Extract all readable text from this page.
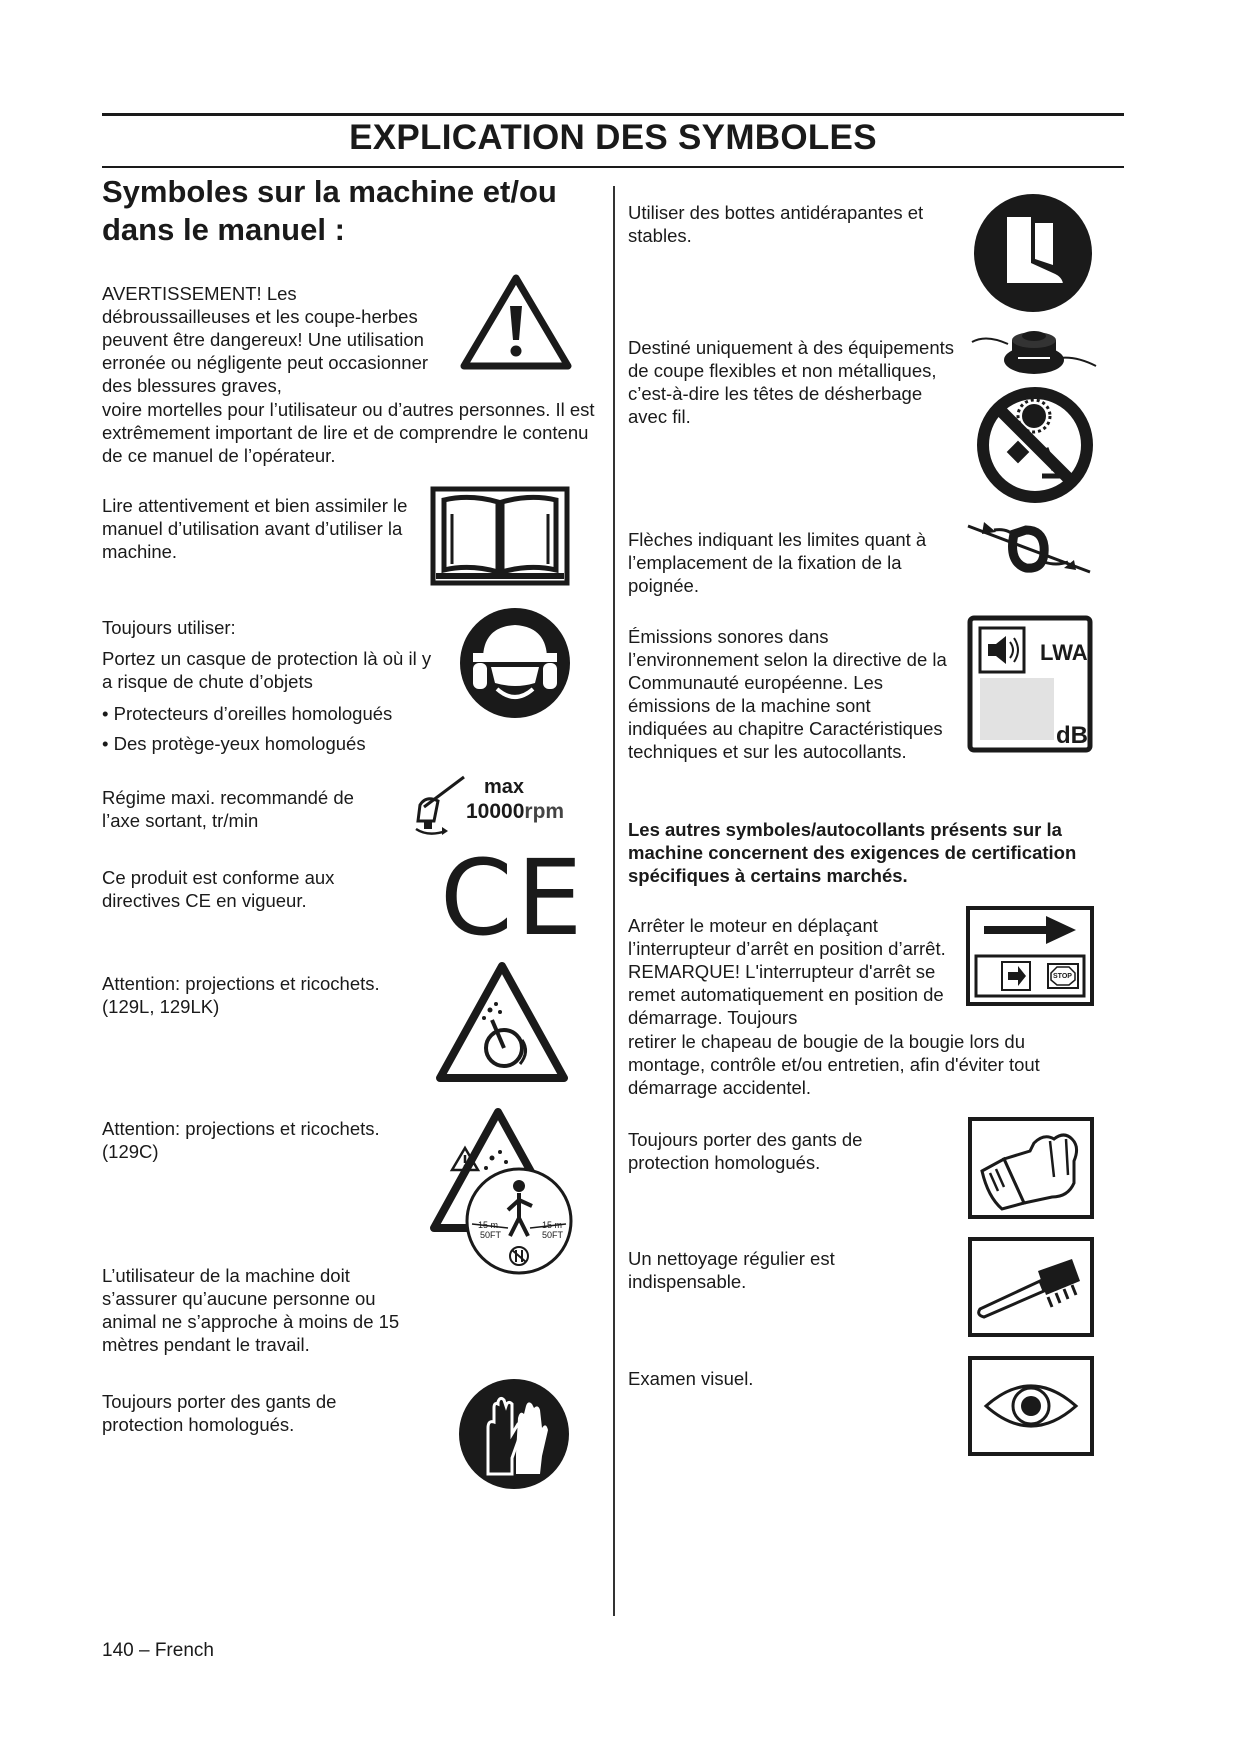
EXPLICATION DES SYMBOLES
Symboles sur la machine et/ou dans le manuel :
AVERTISSEMENT! Les débroussailleuses et les coupe-herbes peuvent être dangereux! Une utilisation erronée ou négligente peut occasionner des blessures graves,
voire mortelles pour l’utilisateur ou d’autres personnes. Il est extrêmement important de lire et de comprendre le contenu de ce manuel de l’opérateur.
Lire attentivement et bien assimiler le manuel d’utilisation avant d’utiliser la machine.
Toujours utiliser:
Portez un casque de protection là où il y a risque de chute d’objets
• Protecteurs d’oreilles homologués
• Des protège-yeux homologués
Régime maxi. recommandé de l’axe sortant, tr/min
max
10000rpm
Ce produit est conforme aux directives CE en vigueur.	CE
Attention: projections et ricochets. (129L, 129LK)
Attention: projections et ricochets. (129C)
L’utilisateur de la machine doit s’assurer qu’aucune personne ou animal ne s’approche à moins de 15 mètres pendant le travail.
15 m
50FT
15 m
50FT
Toujours porter des gants de protection homologués.
Utiliser des bottes antidérapantes et stables.
Destiné uniquement à des équipements de coupe flexibles et non métalliques, c’est-à-dire les têtes de désherbage avec fil.
Flèches indiquant les limites quant à l’emplacement de la fixation de la poignée.
Émissions sonores dans l’environnement selon la directive de la Communauté européenne. Les émissions de la machine sont indiquées au chapitre Caractéristiques techniques et sur les autocollants.
LWA
dB
Les autres symboles/autocollants présents sur la machine concernent des exigences de certification spécifiques à certains marchés.
Arrêter le moteur en déplaçant l’interrupteur d’arrêt en position d’arrêt. REMARQUE! L'interrupteur d'arrêt se remet automatiquement en position de démarrage. Toujours
retirer le chapeau de bougie de la bougie lors du montage, contrôle et/ou entretien, afin d'éviter tout démarrage accidentel.
STOP
Toujours porter des gants de protection homologués.
Un nettoyage régulier est indispensable.
Examen visuel.
140 – French
